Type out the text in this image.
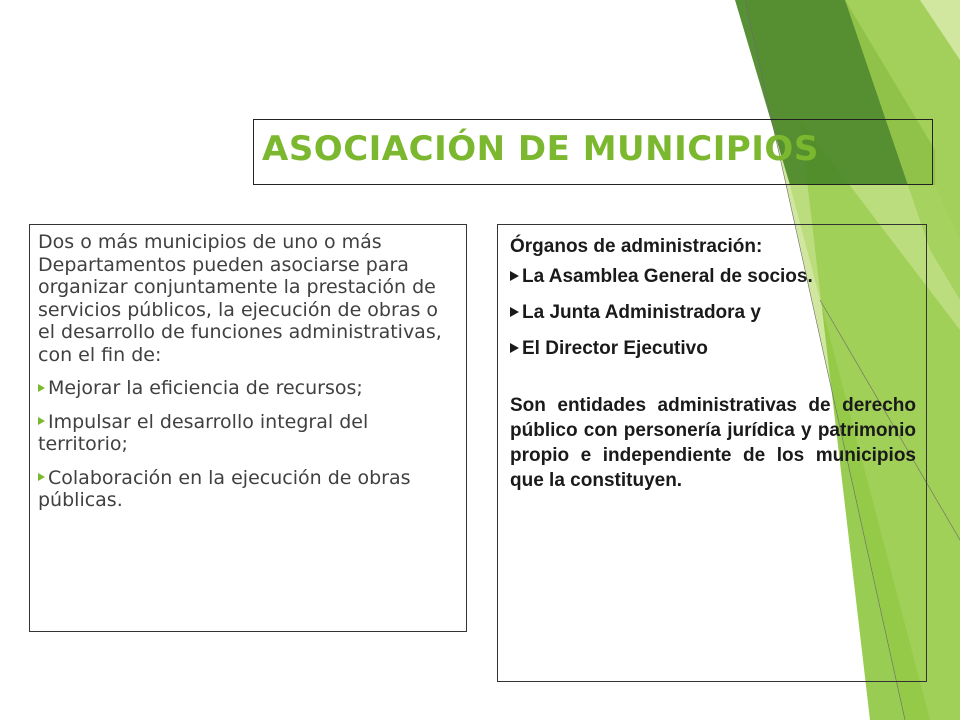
ASOCIACIÓN DE MUNICIPIOS

Dos o más municipios de uno o más Departamentos pueden asociarse para organizar conjuntamente la prestación de servicios públicos, la ejecución de obras o el desarrollo de funciones administrativas, con el fin de:

Mejorar la eficiencia de recursos;
Impulsar el desarrollo integral del territorio;
Colaboración en la ejecución de obras públicas.
Órganos de administración:
La Asamblea General de socios.
La Junta Administradora y
El Director Ejecutivo
Son entidades administrativas de derecho público con personería jurídica y patrimonio propio e independiente de los municipios que la constituyen.
